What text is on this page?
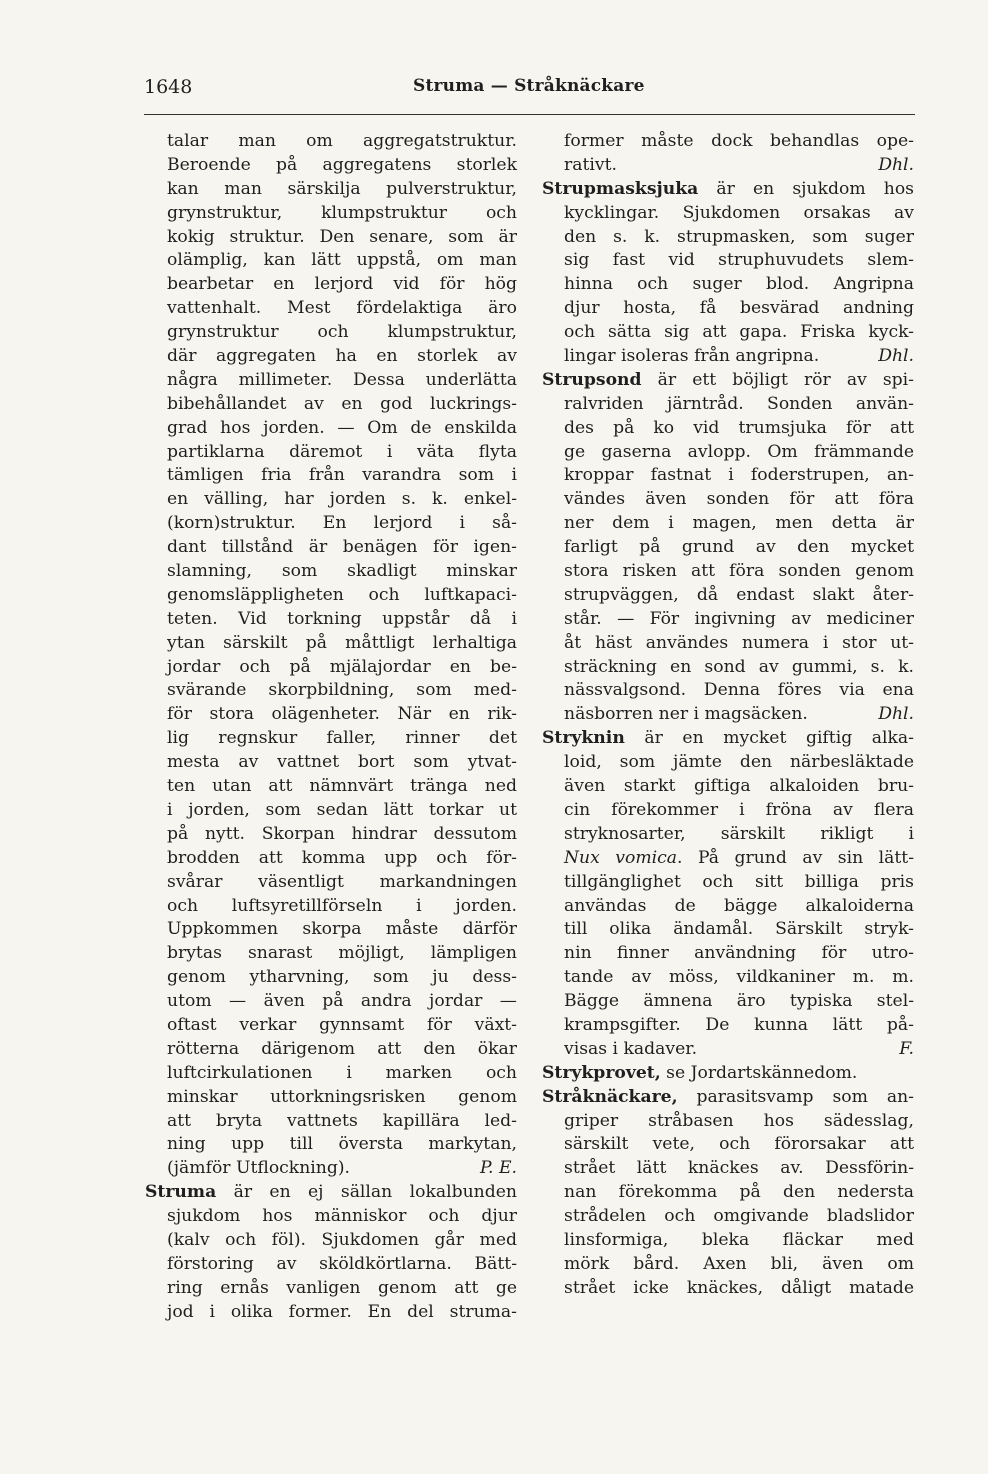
1648	Struma — Stråknäckare
talar man om aggregatstruktur.
Beroende på aggregatens storlek
kan man särskilja pulverstruktur,
grynstruktur, klumpstruktur och
kokig struktur. Den senare, som är
olämplig, kan lätt uppstå, om man
bearbetar en lerjord vid för hög
vattenhalt. Mest fördelaktiga äro
grynstruktur och klumpstruktur,
där aggregaten ha en storlek av
några millimeter. Dessa underlätta
bibehållandet av en god luckrings-
grad hos jorden. — Om de enskilda
partiklarna däremot i väta flyta
tämligen fria från varandra som i
en välling, har jorden s. k. enkel-
(korn)struktur. En lerjord i så-
dant tillstånd är benägen för igen-
slamning, som skadligt minskar
genomsläppligheten och luftkapaci-
teten. Vid torkning uppstår då i
ytan särskilt på måttligt lerhaltiga
jordar och på mjälajordar en be-
svärande skorpbildning, som med-
för stora olägenheter. När en rik-
lig regnskur faller, rinner det
mesta av vattnet bort som ytvat-
ten utan att nämnvärt tränga ned
i jorden, som sedan lätt torkar ut
på nytt. Skorpan hindrar dessutom
brodden att komma upp och för-
svårar väsentligt markandningen
och luftsyretillförseln i jorden.
Uppkommen skorpa måste därför
brytas snarast möjligt, lämpligen
genom ytharvning, som ju dess-
utom — även på andra jordar —
oftast verkar gynnsamt för växt-
rötterna därigenom att den ökar
luftcirkulationen i marken och
minskar uttorkningsrisken genom
att bryta vattnets kapillära led-
ning upp till översta markytan,
(jämför Utflockning).	P. E.
Struma är en ej sällan lokalbunden
sjukdom hos människor och djur
(kalv och föl). Sjukdomen går med
förstoring av sköldkörtlarna. Bätt-
ring ernås vanligen genom att ge
jod i olika former. En del struma-
former måste dock behandlas ope-
rativt.	Dhl.
Strupmasksjuka är en sjukdom hos
kycklingar. Sjukdomen orsakas av
den s. k. strupmasken, som suger
sig fast vid struphuvudets slem-
hinna och suger blod. Angripna
djur hosta, få besvärad andning
och sätta sig att gapa. Friska kyck-
lingar isoleras från angripna.	Dhl.
Strupsond är ett böjligt rör av spi-
ralvriden järntråd. Sonden använ-
des på ko vid trumsjuka för att
ge gaserna avlopp. Om främmande
kroppar fastnat i foderstrupen, an-
vändes även sonden för att föra
ner dem i magen, men detta är
farligt på grund av den mycket
stora risken att föra sonden genom
strupväggen, då endast slakt åter-
står. — För ingivning av mediciner
åt häst användes numera i stor ut-
sträckning en sond av gummi, s. k.
nässvalgsond. Denna föres via ena
näsborren ner i magsäcken.	Dhl.
Stryknin är en mycket giftig alka-
loid, som jämte den närbesläktade
även starkt giftiga alkaloiden bru-
cin förekommer i fröna av flera
stryknosarter, särskilt rikligt i
Nux vomica. På grund av sin lätt-
tillgänglighet och sitt billiga pris
användas de bägge alkaloiderna
till olika ändamål. Särskilt stryk-
nin finner användning för utro-
tande av möss, vildkaniner m. m.
Bägge ämnena äro typiska stel-
krampsgifter. De kunna lätt på-
visas i kadaver.	F.
Strykprovet, se Jordartskännedom.
Stråknäckare, parasitsvamp som an-
griper stråbasen hos sädesslag,
särskilt vete, och förorsakar att
strået lätt knäckes av. Dessförin-
nan förekomma på den nedersta
strådelen och omgivande bladslidor
linsformiga, bleka fläckar med
mörk bård. Axen bli, även om
strået icke knäckes, dåligt matade
